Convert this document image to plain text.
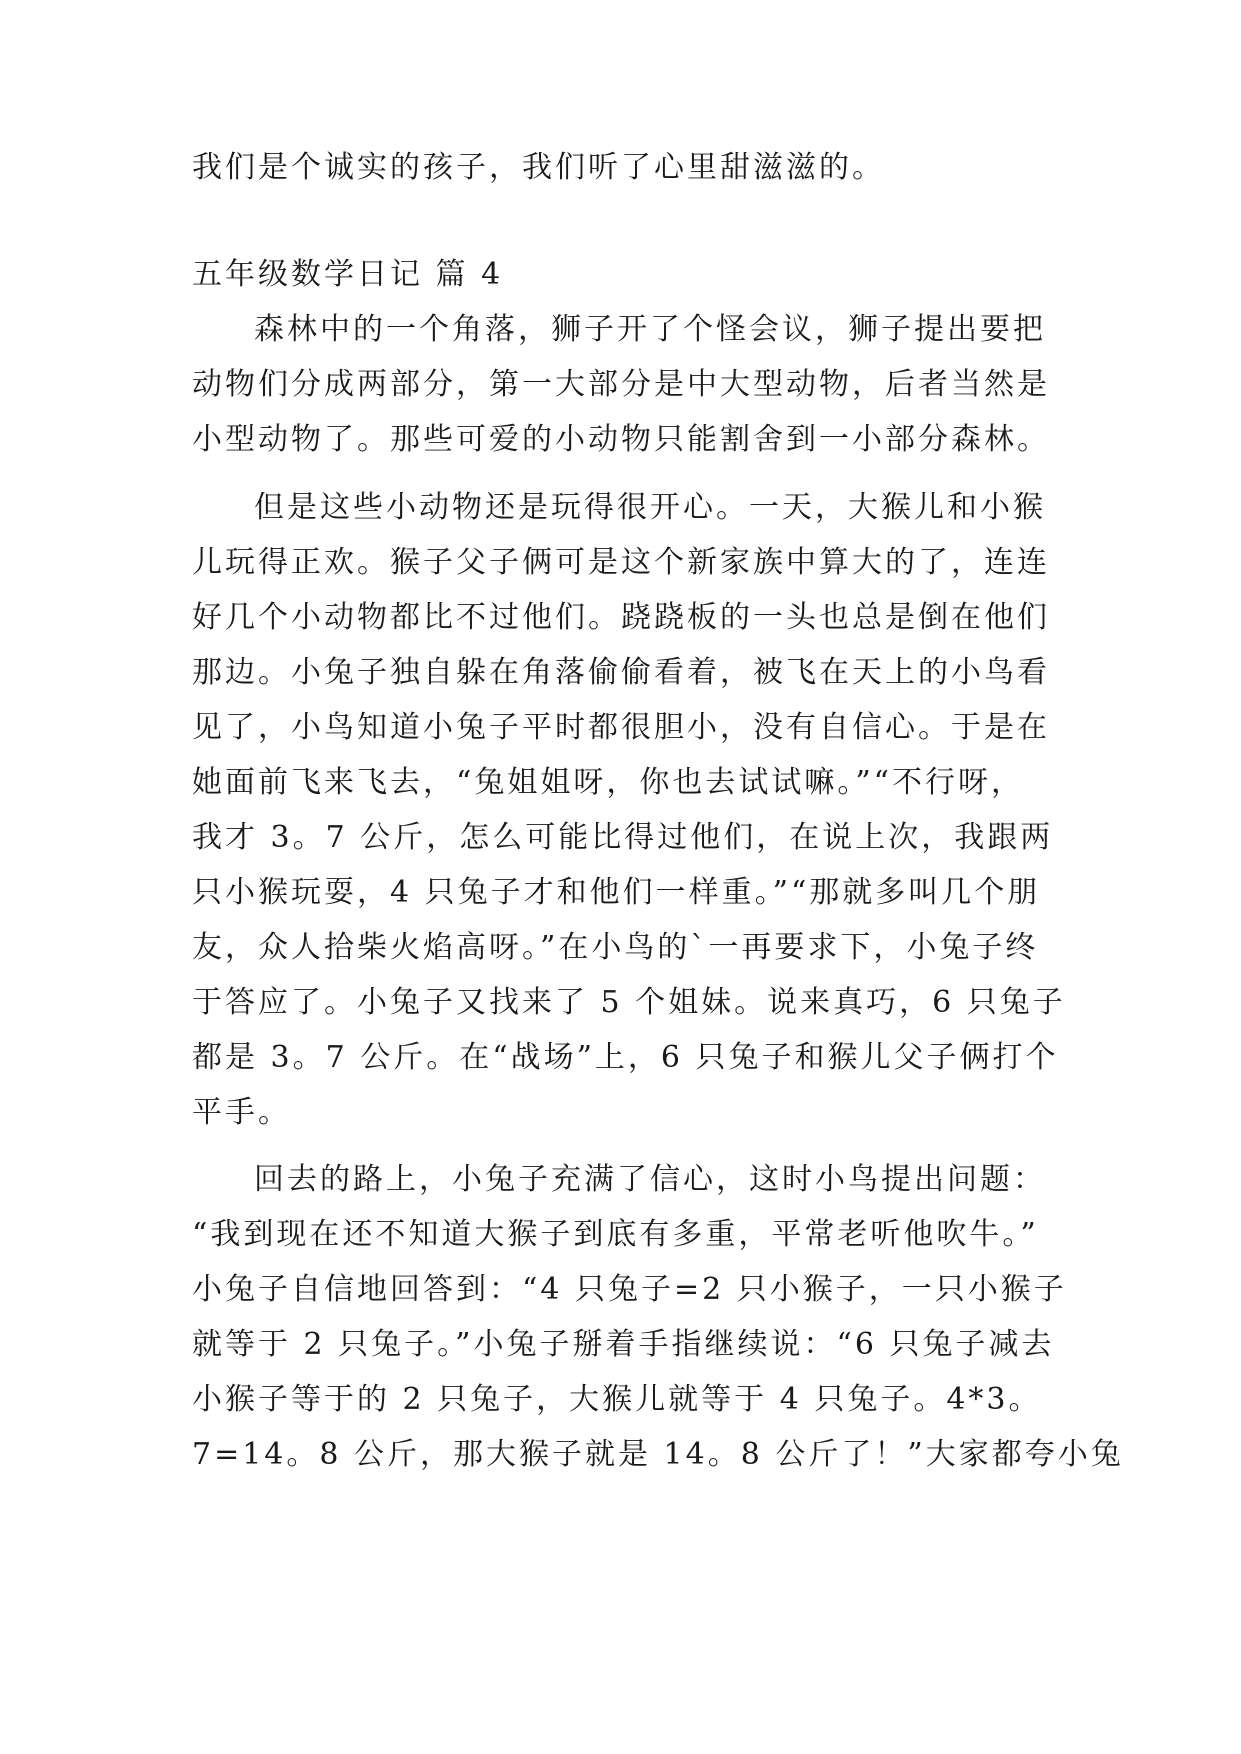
我们是个诚实的孩子，我们听了心里甜滋滋的。
五年级数学日记 篇 4
森林中的一个角落，狮子开了个怪会议，狮子提出要把
动物们分成两部分，第一大部分是中大型动物，后者当然是
小型动物了。那些可爱的小动物只能割舍到一小部分森林。
但是这些小动物还是玩得很开心。一天，大猴儿和小猴
儿玩得正欢。猴子父子俩可是这个新家族中算大的了，连连
好几个小动物都比不过他们。跷跷板的一头也总是倒在他们
那边。小兔子独自躲在角落偷偷看着，被飞在天上的小鸟看
见了，小鸟知道小兔子平时都很胆小，没有自信心。于是在
她面前飞来飞去，“兔姐姐呀，你也去试试嘛。”“不行呀，
我才 3。7 公斤，怎么可能比得过他们，在说上次，我跟两
只小猴玩耍，4 只兔子才和他们一样重。”“那就多叫几个朋
友，众人拾柴火焰高呀。”在小鸟的`一再要求下，小兔子终
于答应了。小兔子又找来了 5 个姐妹。说来真巧，6 只兔子
都是 3。7 公斤。在“战场”上，6 只兔子和猴儿父子俩打个
平手。
回去的路上，小兔子充满了信心，这时小鸟提出问题：
“我到现在还不知道大猴子到底有多重，平常老听他吹牛。”
小兔子自信地回答到：“4 只兔子=2 只小猴子，一只小猴子
就等于 2 只兔子。”小兔子掰着手指继续说：“6 只兔子减去
小猴子等于的 2 只兔子，大猴儿就等于 4 只兔子。4*3。
7=14。8 公斤，那大猴子就是 14。8 公斤了！”大家都夸小兔
